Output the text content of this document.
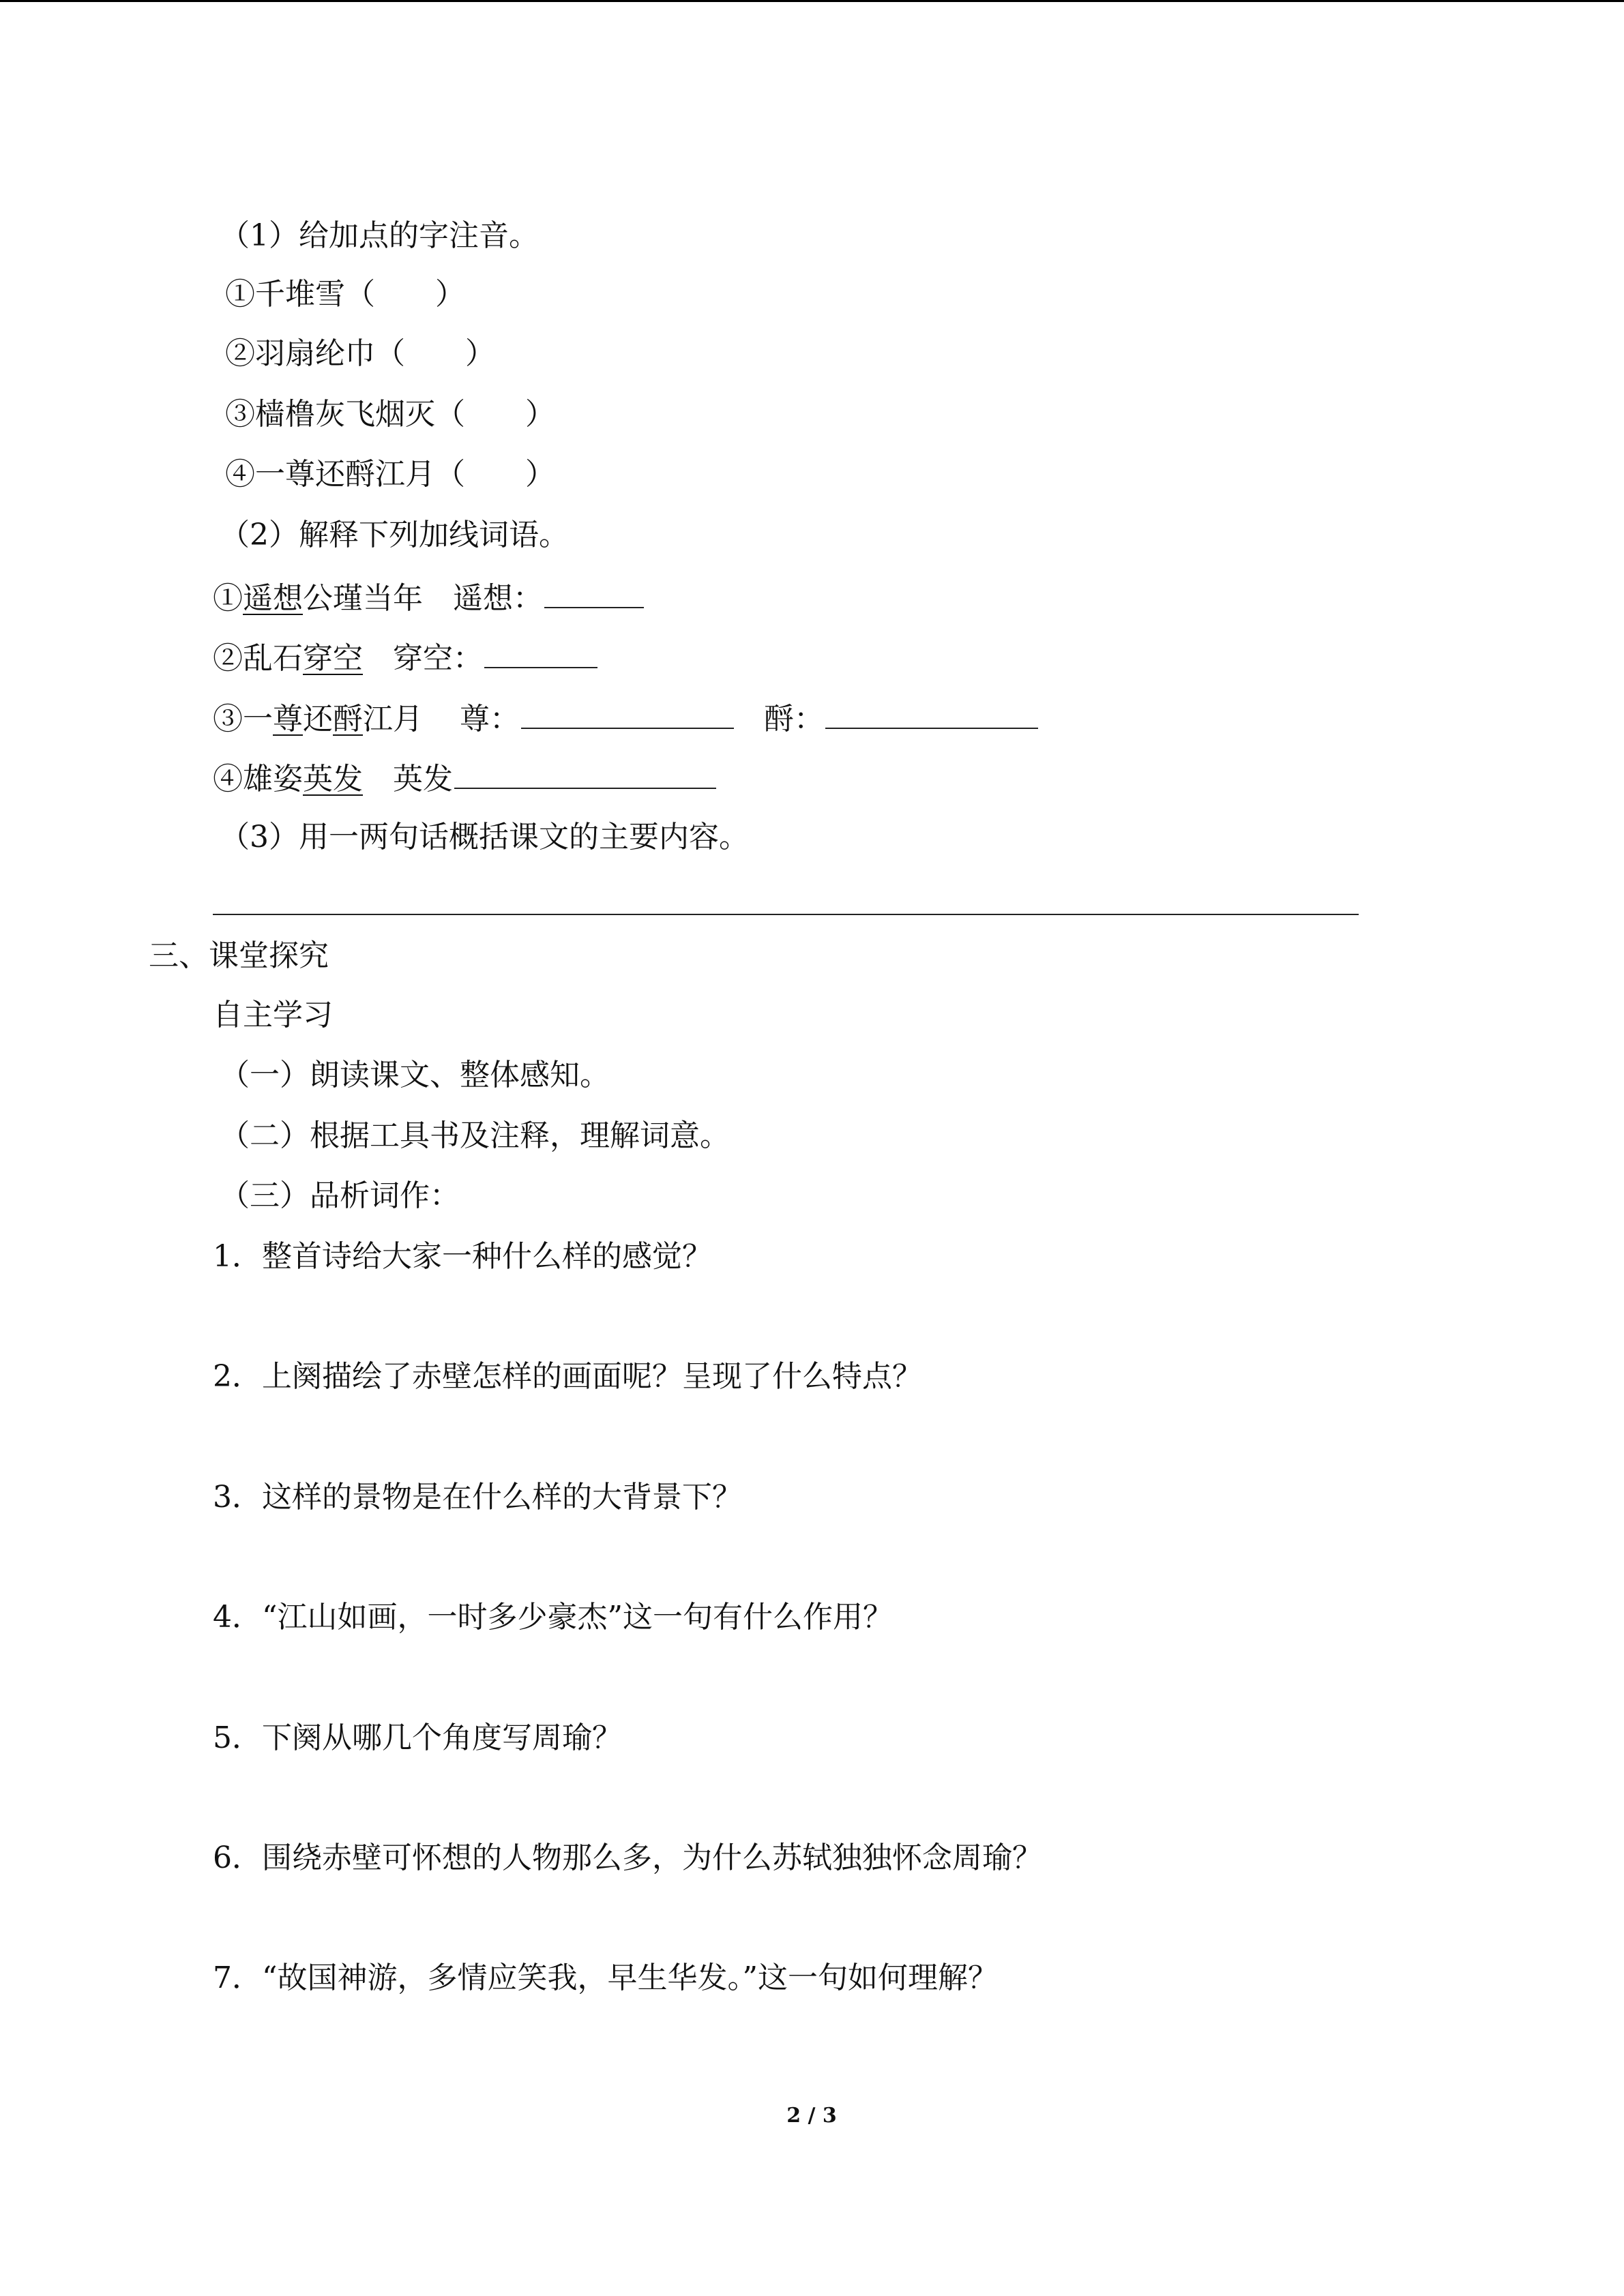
（1）给加点的字注音。
①千堆雪（　　）
②羽扇纶巾（　　）
③樯橹灰飞烟灭（　　）
④一尊还酹江月（　　）
（2）解释下列加线词语。
①遥想公瑾当年 遥想：
②乱石穿空 穿空：
③一尊还酹江月 尊：	酹：
④雄姿英发 英发
（3）用一两句话概括课文的主要内容。
三、课堂探究
自主学习
（一）朗读课文、整体感知。
（二）根据工具书及注释，理解词意。
（三）品析词作：
1．整首诗给大家一种什么样的感觉？
2．上阕描绘了赤壁怎样的画面呢？呈现了什么特点？
3．这样的景物是在什么样的大背景下？
4．“江山如画，一时多少豪杰”这一句有什么作用？
5．下阕从哪几个角度写周瑜？
6．围绕赤壁可怀想的人物那么多，为什么苏轼独独怀念周瑜？
7．“故国神游，多情应笑我，早生华发。”这一句如何理解？
2 / 3
